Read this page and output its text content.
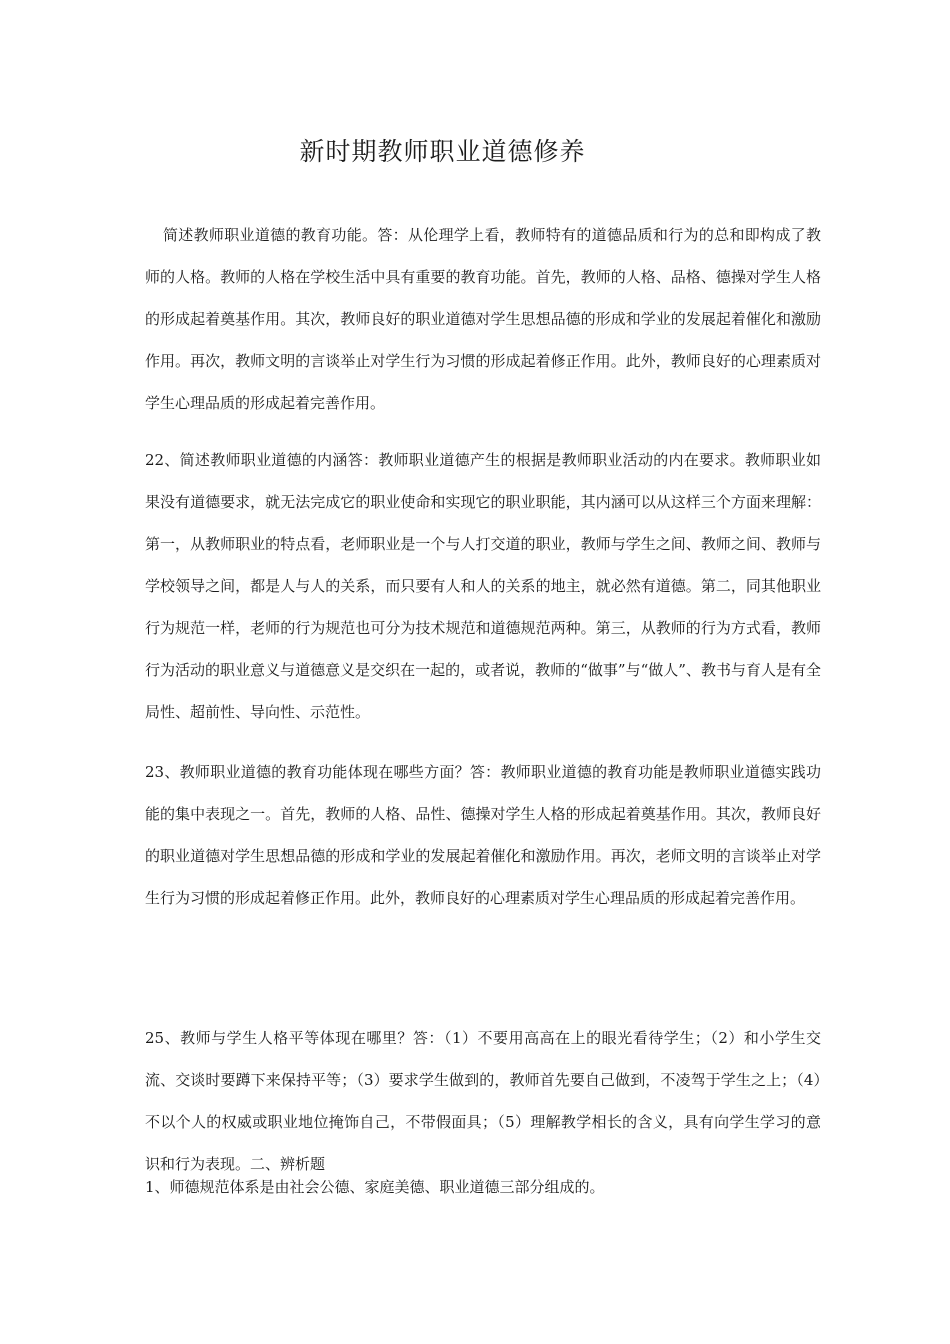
新时期教师职业道德修养

简述教师职业道德的教育功能。答：从伦理学上看，教师特有的道德品质和行为的总和即构成了教师的人格。教师的人格在学校生活中具有重要的教育功能。首先，教师的人格、品格、德操对学生人格的形成起着奠基作用。其次，教师良好的职业道德对学生思想品德的形成和学业的发展起着催化和激励作用。再次，教师文明的言谈举止对学生行为习惯的形成起着修正作用。此外，教师良好的心理素质对学生心理品质的形成起着完善作用。

22、简述教师职业道德的内涵答：教师职业道德产生的根据是教师职业活动的内在要求。教师职业如果没有道德要求，就无法完成它的职业使命和实现它的职业职能，其内涵可以从这样三个方面来理解：第一，从教师职业的特点看，老师职业是一个与人打交道的职业，教师与学生之间、教师之间、教师与学校领导之间，都是人与人的关系，而只要有人和人的关系的地主，就必然有道德。第二，同其他职业行为规范一样，老师的行为规范也可分为技术规范和道德规范两种。第三，从教师的行为方式看，教师行为活动的职业意义与道德意义是交织在一起的，或者说，教师的“做事”与“做人”、教书与育人是有全局性、超前性、导向性、示范性。

23、教师职业道德的教育功能体现在哪些方面？答：教师职业道德的教育功能是教师职业道德实践功能的集中表现之一。首先，教师的人格、品性、德操对学生人格的形成起着奠基作用。其次，教师良好的职业道德对学生思想品德的形成和学业的发展起着催化和激励作用。再次，老师文明的言谈举止对学生行为习惯的形成起着修正作用。此外，教师良好的心理素质对学生心理品质的形成起着完善作用。

25、教师与学生人格平等体现在哪里？答：（1）不要用高高在上的眼光看待学生；（2）和小学生交流、交谈时要蹲下来保持平等；（3）要求学生做到的，教师首先要自己做到，不凌驾于学生之上；（4）不以个人的权威或职业地位掩饰自己，不带假面具；（5）理解教学相长的含义，具有向学生学习的意识和行为表现。二、辨析题

1、师德规范体系是由社会公德、家庭美德、职业道德三部分组成的。
